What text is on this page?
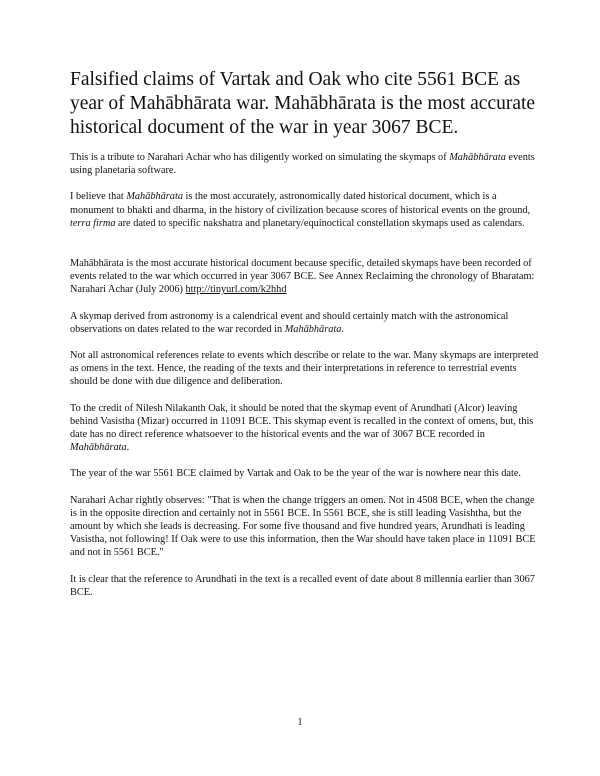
Falsified claims of Vartak and Oak who cite 5561 BCE as year of Mahābhārata war. Mahābhārata is the most accurate historical document of the war in year 3067 BCE.

This is a tribute to Narahari Achar who has diligently worked on simulating the skymaps of Mahābhārata events using planetaria software.

I believe that Mahābhārata is the most accurately, astronomically dated historical document, which is a monument to bhakti and dharma, in the history of civilization because scores of historical events on the ground, terra firma are dated to specific nakshatra and planetary/equinoctical constellation skymaps used as calendars.

Mahābhārata is the most accurate historical document because specific, detailed skymaps have been recorded of events related to the war which occurred in year 3067 BCE. See Annex Reclaiming the chronology of Bharatam: Narahari Achar (July 2006) http://tinyurl.com/k2hhd

A skymap derived from astronomy is a calendrical event and should certainly match with the astronomical observations on dates related to the war recorded in Mahābhārata.

Not all astronomical references relate to events which describe or relate to the war. Many skymaps are interpreted as omens in the text. Hence, the reading of the texts and their interpretations in reference to terrestrial events should be done with due diligence and deliberation.

To the credit of Nilesh Nilakanth Oak, it should be noted that the skymap event of Arundhati (Alcor) leaving behind Vasistha (Mizar) occurred in 11091 BCE. This skymap event is recalled in the context of omens, but, this date has no direct reference whatsoever to the historical events and the war of 3067 BCE recorded in Mahābhārata.

The year of the war 5561 BCE claimed by Vartak and Oak to be the year of the war is nowhere near this date.

Narahari Achar rightly observes: "That is when the change triggers an omen. Not in 4508 BCE, when the change is in the opposite direction and certainly not in 5561 BCE. In 5561 BCE, she is still leading Vasishtha, but the amount by which she leads is decreasing. For some five thousand and five hundred years, Arundhati is leading Vasistha, not following! If Oak were to use this information, then the War should have taken place in 11091 BCE and not in 5561 BCE."

It is clear that the reference to Arundhati in the text is a recalled event of date about 8 millennia earlier than 3067 BCE.

1
